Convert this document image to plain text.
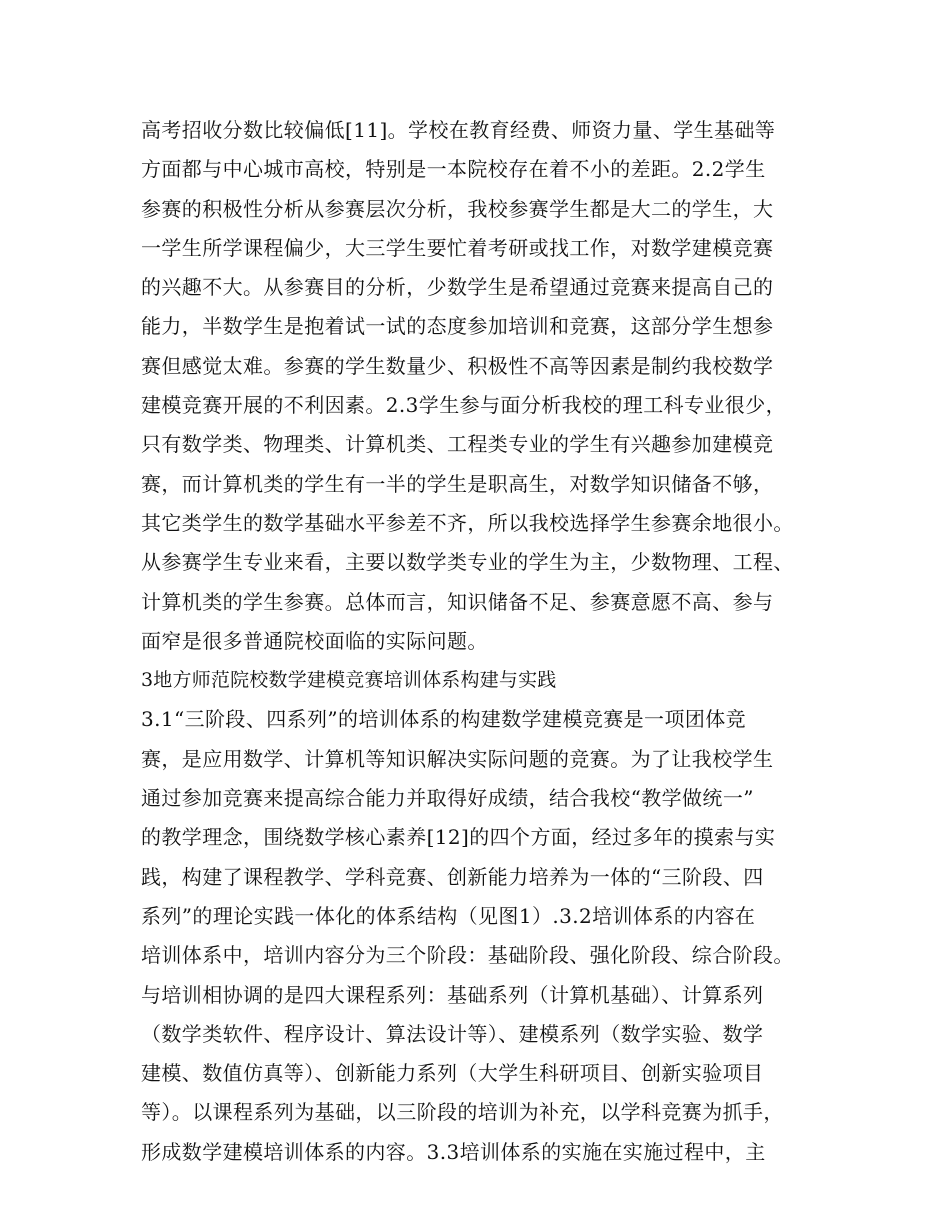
高考招收分数比较偏低[11]。学校在教育经费、师资力量、学生基础等
方面都与中心城市高校，特别是一本院校存在着不小的差距。2.2学生
参赛的积极性分析从参赛层次分析，我校参赛学生都是大二的学生，大
一学生所学课程偏少，大三学生要忙着考研或找工作，对数学建模竞赛
的兴趣不大。从参赛目的分析，少数学生是希望通过竞赛来提高自己的
能力，半数学生是抱着试一试的态度参加培训和竞赛，这部分学生想参
赛但感觉太难。参赛的学生数量少、积极性不高等因素是制约我校数学
建模竞赛开展的不利因素。2.3学生参与面分析我校的理工科专业很少，
只有数学类、物理类、计算机类、工程类专业的学生有兴趣参加建模竞
赛，而计算机类的学生有一半的学生是职高生，对数学知识储备不够，
其它类学生的数学基础水平参差不齐，所以我校选择学生参赛余地很小。
从参赛学生专业来看，主要以数学类专业的学生为主，少数物理、工程、
计算机类的学生参赛。总体而言，知识储备不足、参赛意愿不高、参与
面窄是很多普通院校面临的实际问题。
3地方师范院校数学建模竞赛培训体系构建与实践
3.1“三阶段、四系列”的培训体系的构建数学建模竞赛是一项团体竞
赛，是应用数学、计算机等知识解决实际问题的竞赛。为了让我校学生
通过参加竞赛来提高综合能力并取得好成绩，结合我校“教学做统一”
的教学理念，围绕数学核心素养[12]的四个方面，经过多年的摸索与实
践，构建了课程教学、学科竞赛、创新能力培养为一体的“三阶段、四
系列”的理论实践一体化的体系结构（见图1）.3.2培训体系的内容在
培训体系中，培训内容分为三个阶段：基础阶段、强化阶段、综合阶段。
与培训相协调的是四大课程系列：基础系列（计算机基础）、计算系列
（数学类软件、程序设计、算法设计等）、建模系列（数学实验、数学
建模、数值仿真等）、创新能力系列（大学生科研项目、创新实验项目
等）。以课程系列为基础，以三阶段的培训为补充，以学科竞赛为抓手，
形成数学建模培训体系的内容。3.3培训体系的实施在实施过程中，主
